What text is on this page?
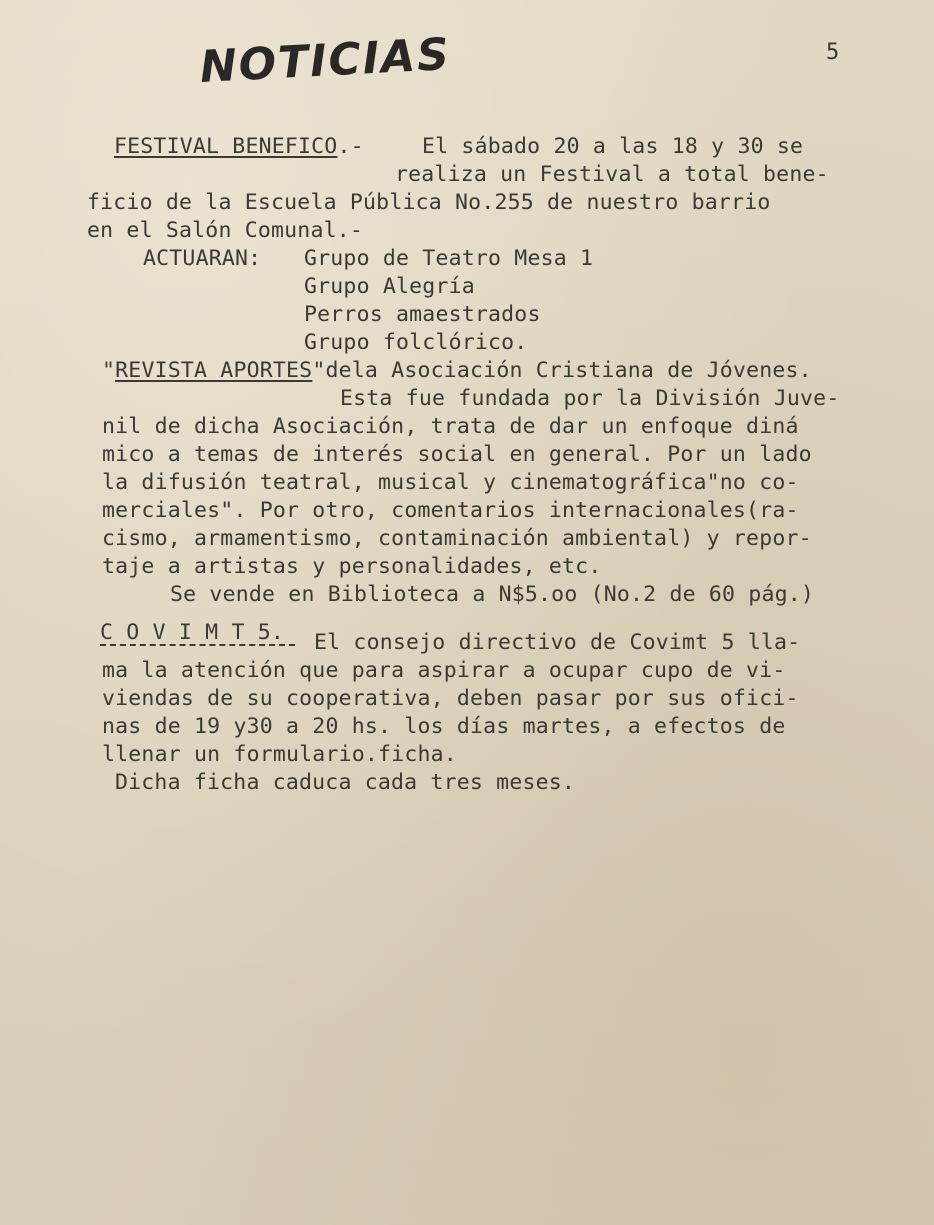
NOTICIAS	5
FESTIVAL BENEFICO.-	El sábado 20 a las 18 y 30 se
realiza un Festival a total bene-
ficio de la Escuela Pública No.255 de nuestro barrio
en el Salón Comunal.-
ACTUARAN: Grupo de Teatro Mesa 1
Grupo Alegría
Perros amaestrados
Grupo folclórico.
"REVISTA APORTES"dela Asociación Cristiana de Jóvenes.
Esta fue fundada por la División Juve-
nil de dicha Asociación, trata de dar un enfoque diná
mico a temas de interés social en general. Por un lado
la difusión teatral, musical y cinematográfica"no co-
merciales". Por otro, comentarios internacionales(ra-
cismo, armamentismo, contaminación ambiental) y repor-
taje a artistas y personalidades, etc.
Se vende en Biblioteca a N$5.oo (No.2 de 60 pág.)
C O V I M T 5. El consejo directivo de Covimt 5 lla-
ma la atención que para aspirar a ocupar cupo de vi-
viendas de su cooperativa, deben pasar por sus ofici-
nas de 19 y30 a 20 hs. los días martes, a efectos de
llenar un formulario.ficha.
Dicha ficha caduca cada tres meses.
